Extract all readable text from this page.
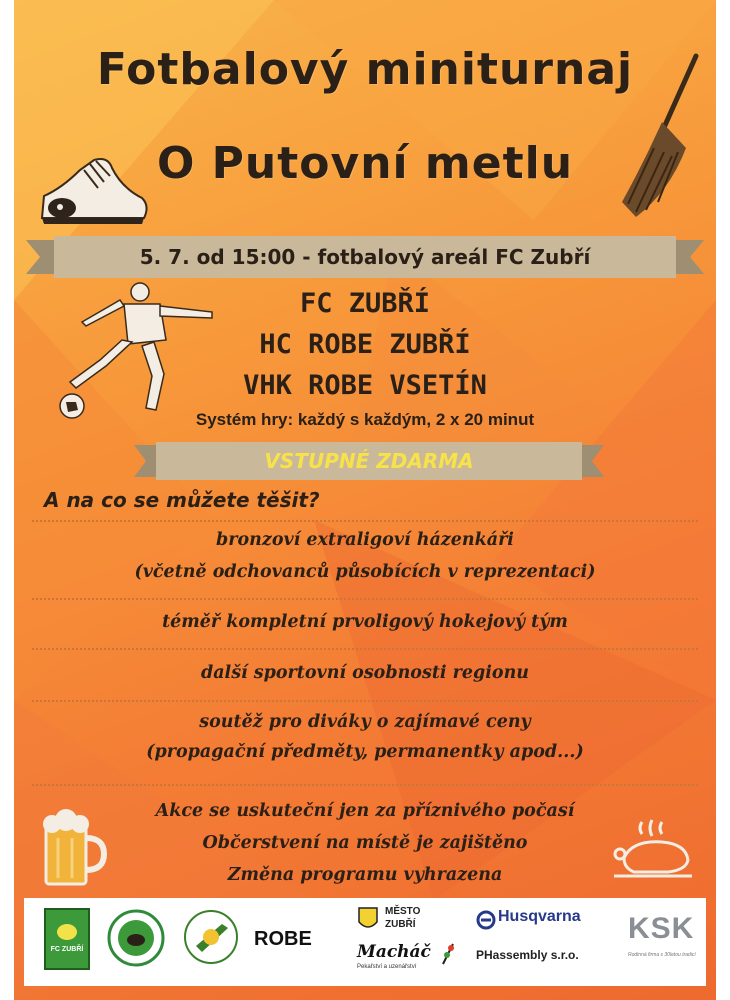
Fotbalový miniturnaj
O Putovní metlu
5. 7. od 15:00 - fotbalový areál FC Zubří
FC ZUBŘÍ
HC ROBE ZUBŘÍ
VHK ROBE VSETÍN
Systém hry: každý s každým, 2 x 20 minut
VSTUPNÉ ZDARMA
A na co se můžete těšit?
bronzoví extraligoví házenkáři
(včetně odchovanců působících v reprezentaci)
téměř kompletní prvoligový hokejový tým
další sportovní osobnosti regionu
soutěž pro diváky o zajímavé ceny
(propagační předměty, permanentky apod...)
Akce se uskuteční jen za příznivého počasí
Občerstvení na místě je zajištěno
Změna programu vyhrazena
FC ZUBŘÍ	ROBE
MĚSTO
ZUBŘÍ
Macháč
Pekařství a uzenářství
Husqvarna
PHassembly s.r.o.
KSK
Rodinná firma s 30letou tradicí
